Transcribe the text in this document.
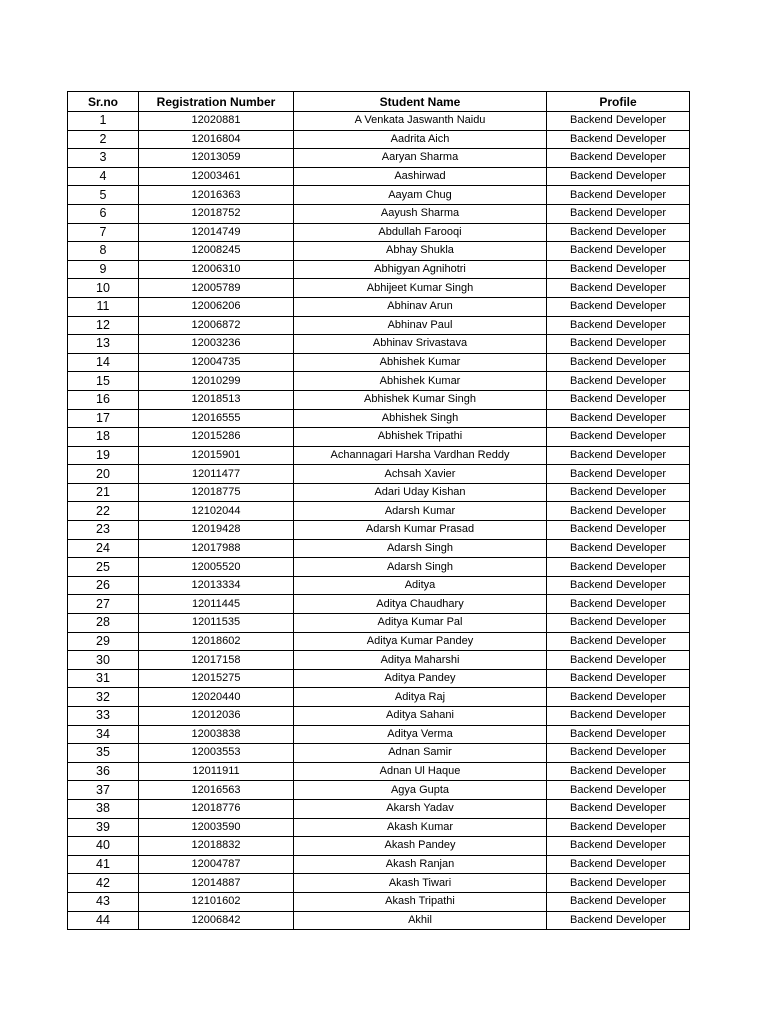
Sr.no	Registration Number	Student Name	Profile
1	12020881	A Venkata Jaswanth Naidu	Backend Developer
2	12016804	Aadrita Aich	Backend Developer
3	12013059	Aaryan Sharma	Backend Developer
4	12003461	Aashirwad	Backend Developer
5	12016363	Aayam Chug	Backend Developer
6	12018752	Aayush Sharma	Backend Developer
7	12014749	Abdullah Farooqi	Backend Developer
8	12008245	Abhay Shukla	Backend Developer
9	12006310	Abhigyan Agnihotri	Backend Developer
10	12005789	Abhijeet Kumar Singh	Backend Developer
11	12006206	Abhinav Arun	Backend Developer
12	12006872	Abhinav Paul	Backend Developer
13	12003236	Abhinav Srivastava	Backend Developer
14	12004735	Abhishek Kumar	Backend Developer
15	12010299	Abhishek Kumar	Backend Developer
16	12018513	Abhishek Kumar Singh	Backend Developer
17	12016555	Abhishek Singh	Backend Developer
18	12015286	Abhishek Tripathi	Backend Developer
19	12015901	Achannagari Harsha Vardhan Reddy	Backend Developer
20	12011477	Achsah Xavier	Backend Developer
21	12018775	Adari Uday Kishan	Backend Developer
22	12102044	Adarsh Kumar	Backend Developer
23	12019428	Adarsh Kumar Prasad	Backend Developer
24	12017988	Adarsh Singh	Backend Developer
25	12005520	Adarsh Singh	Backend Developer
26	12013334	Aditya	Backend Developer
27	12011445	Aditya Chaudhary	Backend Developer
28	12011535	Aditya Kumar Pal	Backend Developer
29	12018602	Aditya Kumar Pandey	Backend Developer
30	12017158	Aditya Maharshi	Backend Developer
31	12015275	Aditya Pandey	Backend Developer
32	12020440	Aditya Raj	Backend Developer
33	12012036	Aditya Sahani	Backend Developer
34	12003838	Aditya Verma	Backend Developer
35	12003553	Adnan Samir	Backend Developer
36	12011911	Adnan Ul Haque	Backend Developer
37	12016563	Agya Gupta	Backend Developer
38	12018776	Akarsh Yadav	Backend Developer
39	12003590	Akash Kumar	Backend Developer
40	12018832	Akash Pandey	Backend Developer
41	12004787	Akash Ranjan	Backend Developer
42	12014887	Akash Tiwari	Backend Developer
43	12101602	Akash Tripathi	Backend Developer
44	12006842	Akhil	Backend Developer
